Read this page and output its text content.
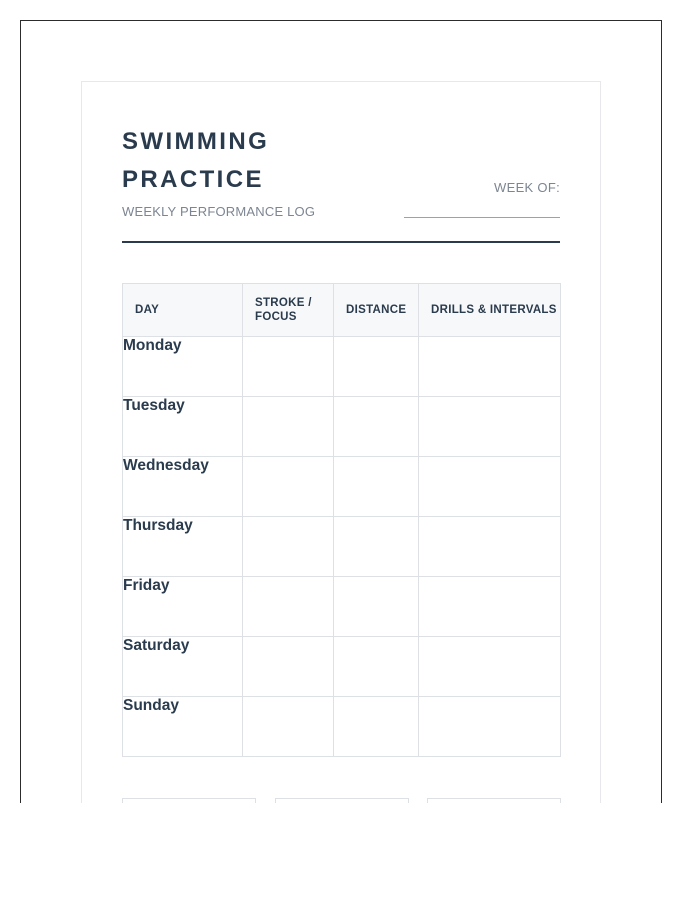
SWIMMING
PRACTICE
WEEKLY PERFORMANCE LOG
WEEK OF:
DAY	STROKE / FOCUS	DISTANCE	DRILLS & INTERVALS
Monday			
Tuesday			
Wednesday			
Thursday			
Friday			
Saturday			
Sunday			
